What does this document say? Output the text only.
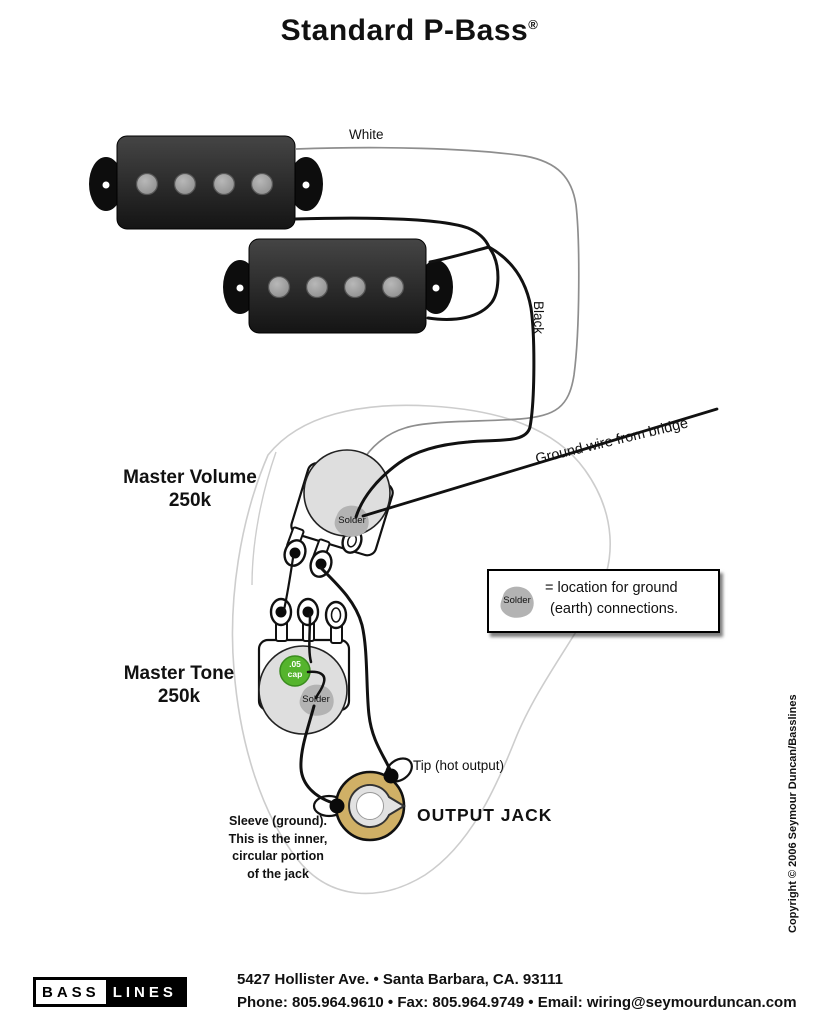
Standard P-Bass®
White
Black
Ground wire from bridge
Master Volume
250k
Master Tone
250k
Solder
Solder
.05
cap
Solder
= location for ground
(earth) connections.
Tip (hot output)
OUTPUT JACK
Sleeve (ground).
This is the inner,
circular portion
of the jack
BASS LINES
5427 Hollister Ave. • Santa Barbara, CA. 93111
Phone: 805.964.9610 • Fax: 805.964.9749 • Email: wiring@seymourduncan.com
Copyright © 2006 Seymour Duncan/Basslines
